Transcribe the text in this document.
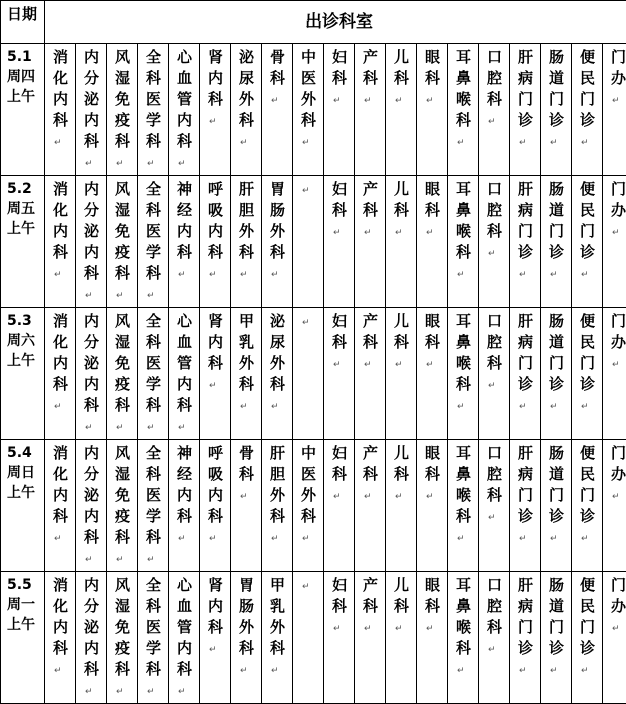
日期	出诊科室																		
5.1周四上午	消化内科↵	内分泌内科↵	风湿免疫科↵	全科医学科↵	心血管内科↵	肾内科↵	泌尿外科↵	骨科↵	中医外科↵	妇科↵	产科↵	儿科↵	眼科↵	耳鼻喉科↵	口腔科↵	肝病门诊↵	肠道门诊↵	便民门诊↵	门办↵
5.2周五上午	消化内科↵	内分泌内科↵	风湿免疫科↵	全科医学科↵	神经内科↵	呼吸内科↵	肝胆外科↵	胃肠外科↵	↵	妇科↵	产科↵	儿科↵	眼科↵	耳鼻喉科↵	口腔科↵	肝病门诊↵	肠道门诊↵	便民门诊↵	门办↵
5.3周六上午	消化内科↵	内分泌内科↵	风湿免疫科↵	全科医学科↵	心血管内科↵	肾内科↵	甲乳外科↵	泌尿外科↵	↵	妇科↵	产科↵	儿科↵	眼科↵	耳鼻喉科↵	口腔科↵	肝病门诊↵	肠道门诊↵	便民门诊↵	门办↵
5.4周日上午	消化内科↵	内分泌内科↵	风湿免疫科↵	全科医学科↵	神经内科↵	呼吸内科↵	骨科↵	肝胆外科↵	中医外科↵	妇科↵	产科↵	儿科↵	眼科↵	耳鼻喉科↵	口腔科↵	肝病门诊↵	肠道门诊↵	便民门诊↵	门办↵
5.5周一上午	消化内科↵	内分泌内科↵	风湿免疫科↵	全科医学科↵	心血管内科↵	肾内科↵	胃肠外科↵	甲乳外科↵	↵	妇科↵	产科↵	儿科↵	眼科↵	耳鼻喉科↵	口腔科↵	肝病门诊↵	肠道门诊↵	便民门诊↵	门办↵
